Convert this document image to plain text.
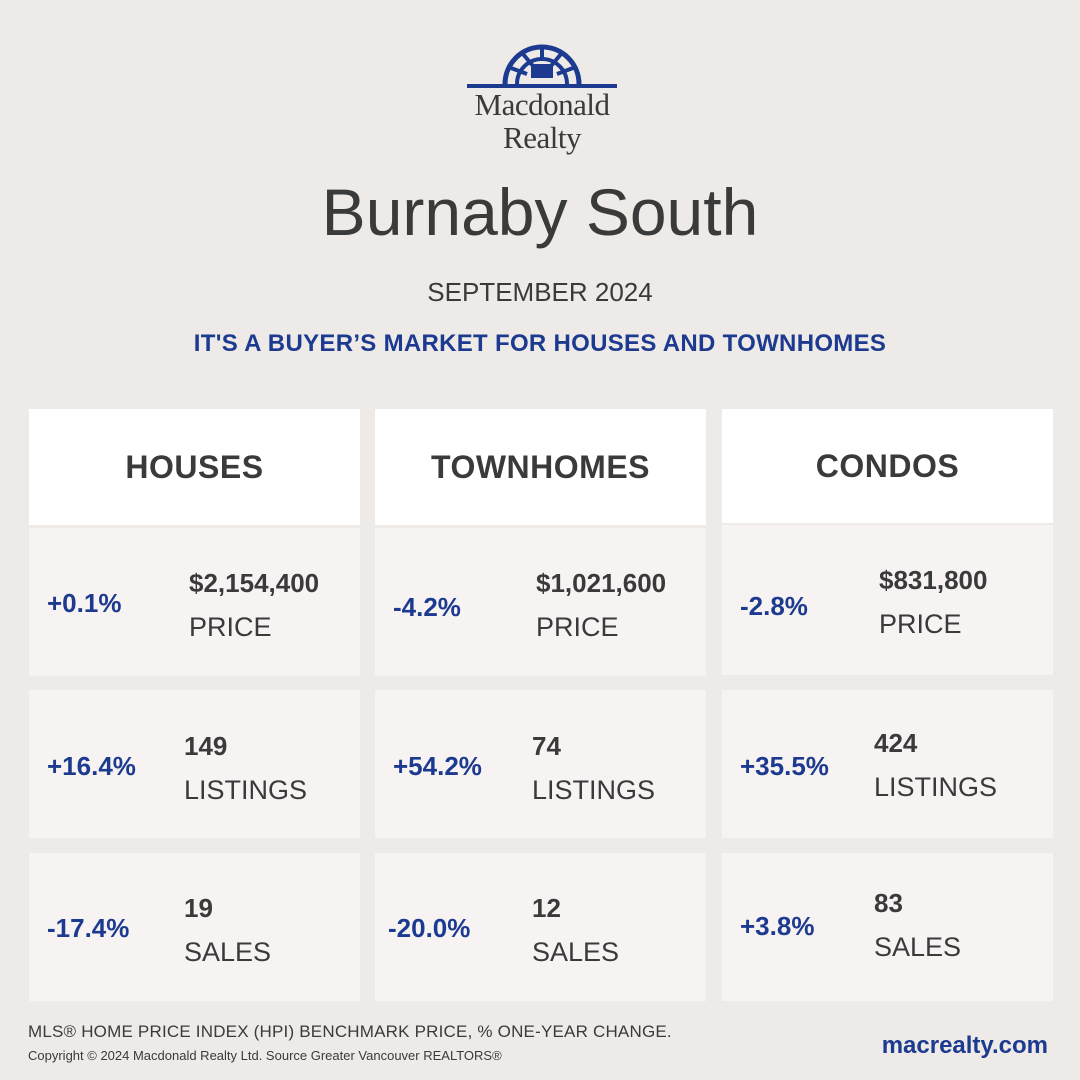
Macdonald
Realty
Burnaby South
SEPTEMBER 2024
IT'S A BUYER’S MARKET FOR HOUSES AND TOWNHOMES
HOUSES
+0.1%
$2,154,400
PRICE
+16.4%
149
LISTINGS
-17.4%
19
SALES
TOWNHOMES
-4.2%
$1,021,600
PRICE
+54.2%
74
LISTINGS
-20.0%
12
SALES
CONDOS
-2.8%
$831,800
PRICE
+35.5%
424
LISTINGS
+3.8%
83
SALES
MLS® HOME PRICE INDEX (HPI) BENCHMARK PRICE, % ONE-YEAR CHANGE.
Copyright © 2024 Macdonald Realty Ltd. Source Greater Vancouver REALTORS®	macrealty.com
